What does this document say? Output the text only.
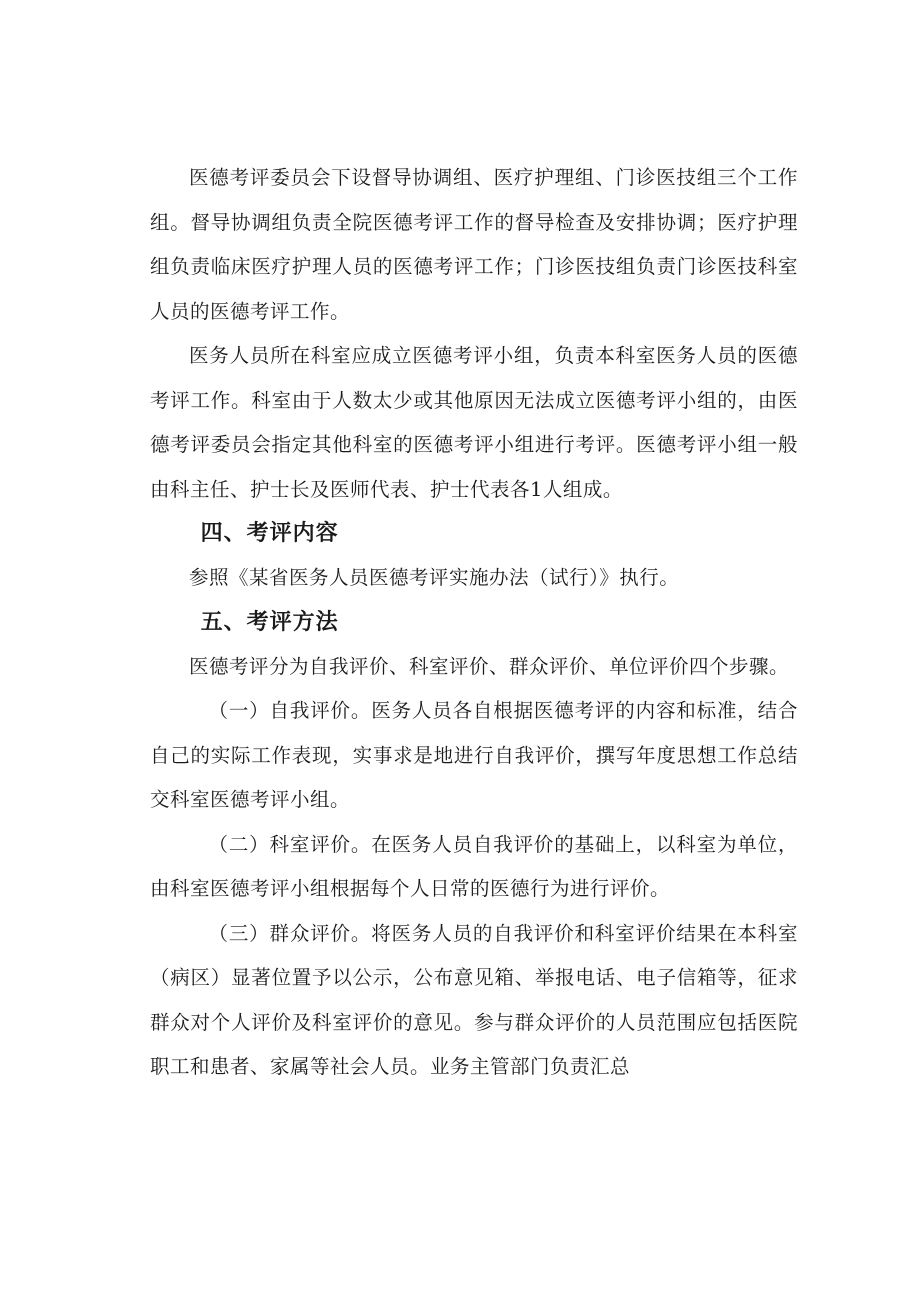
医德考评委员会下设督导协调组、医疗护理组、门诊医技组三个工作组。督导协调组负责全院医德考评工作的督导检查及安排协调；医疗护理组负责临床医疗护理人员的医德考评工作；门诊医技组负责门诊医技科室人员的医德考评工作。

医务人员所在科室应成立医德考评小组，负责本科室医务人员的医德考评工作。科室由于人数太少或其他原因无法成立医德考评小组的，由医德考评委员会指定其他科室的医德考评小组进行考评。医德考评小组一般由科主任、护士长及医师代表、护士代表各1人组成。

四、考评内容

参照《某省医务人员医德考评实施办法（试行）》执行。

五、考评方法

医德考评分为自我评价、科室评价、群众评价、单位评价四个步骤。

（一）自我评价。医务人员各自根据医德考评的内容和标准，结合自己的实际工作表现，实事求是地进行自我评价，撰写年度思想工作总结交科室医德考评小组。

（二）科室评价。在医务人员自我评价的基础上，以科室为单位，由科室医德考评小组根据每个人日常的医德行为进行评价。

（三）群众评价。将医务人员的自我评价和科室评价结果在本科室（病区）显著位置予以公示，公布意见箱、举报电话、电子信箱等，征求群众对个人评价及科室评价的意见。参与群众评价的人员范围应包括医院职工和患者、家属等社会人员。业务主管部门负责汇总
